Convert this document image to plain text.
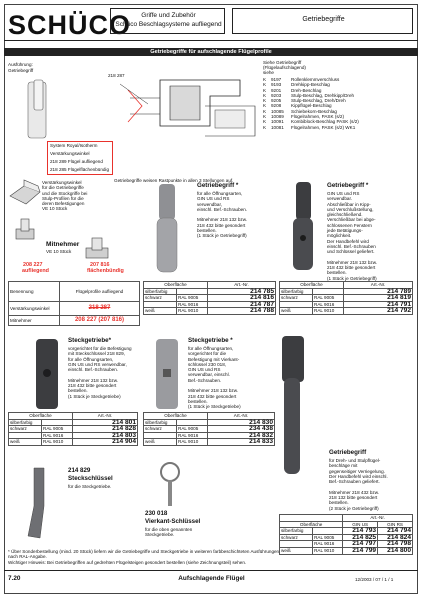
SCHÜCO	Griffe und Zubehör
Schüco Beschlagsysteme aufliegend
Getriebegriffe
Getriebegriffe für aufschlagende Flügelprofile
Ausführung:
Getriebegriff
218 287
Siehe Getriebegriff
(Flügelaufschlagend)
siehe
K 9197 Rollenklemmverschluss
K 9193 Drehkipp-Beschlag
K 9201 Dreh-Beschlag
K 9203 Stulp-Beschlag, Drehkipp/Dreh
K 9205 Stulp-Beschlag, Dreh/Dreh
K 9208 Kippflügel-Beschlag
K 10085 Schiebekorn-Beschlag
K 10089 Flügelrahmen, PASK (s/2)
K 10091 Kombiblock-Beschlag PASK (s/2)
K 10081 Flügelrahmen, PASK (s/2) WK1
System Royal/Isotherm
Verstärkungswinkel
218 289 Flügel aufliegend
218 285 Flügelflächenbündig
Getriebegriffe weisen Rastpunkte in allen 3 Stellungen auf.
Verstärkungswinkel
für die Getriebegriffe
und die Stockgriffe bei
Stulp-Profilen für die
deren Befestigungen
VE 10 Stück
Mitnehmer
VE 10 Stück
208 227
aufliegend
207 816
flächenbündig
Benennung	Flügelprofile aufliegend
Verstärkungswinkel	218 287
Mitnehmer	208 227 (207 816)
Getriebegriff *
für alle Öffnungsarten,
GIN US und RS
verwendbar,
einschl. Bef.-Schrauben.
Mitnehmer 218 132 bzw.
218 432 bitte gesondert
bestellen.
(1 Stück je Getriebegriff)
Getriebegriff *
GIN US und RS
verwendbar.
Abschließbar in Kipp-
und Verschlußstellung,
gleichschließend.
Verschließbar bei abge-
schlossenen Fenstern
jede Betätigungs-
möglichkeit.
Der Handbefehl wird
einschl. Bef.-Schrauben
und Schlüssel geliefert.
Mitnehmer 218 132 bzw.
218 432 bitte gesondert
bestellen.
(1 Stück je Getriebegriff)
Oberfläche		Art.-Nr.
silberfarbig		214 785
schwarz	RAL 9005	214 816
	RAL 9016	214 787
weiß	RAL 9010	214 788
Oberfläche		Art.-Nr.
silberfarbig		214 789
schwarz	RAL 9005	214 819
	RAL 9016	214 791
weiß	RAL 9010	214 792
Steckgetriebe*
vorgerichtet für die Befestigung
mit Steckschlüssel 218 829,
für alle Öffnungsarten,
GIN US und RS verwendbar,
einschl. Bef.-Schrauben.
Mitnehmer 218 132 bzw.
218 432 bitte gesondert
bestellen.
(1 Stück je Steckgetriebe)
Steckgetriebe *
für alle Öffnungsarten,
vorgerichtet für die
Befestigung mit Vierkant-
schlüssel 230 018,
GIN US und RS
verwendbar, einschl.
Bef.-Schrauben.
Mitnehmer 218 132 bzw.
218 432 bitte gesondert
bestellen.
(1 Stück je Steckgetriebe)
Oberfläche		Art.-Nr.
silberfarbig		214 801
schwarz	RAL 9005	214 828
	RAL 9016	214 803
weiß	RAL 9010	214 904
Oberfläche		Art.-Nr.
silberfarbig		214 830
schwarz	RAL 9005	234 438
	RAL 9016	214 832
weiß	RAL 9010	214 833
214 829
Steckschlüssel
für die Steckgetriebe.
230 018
Vierkant-Schlüssel
für die oben genannten
Steckgetriebe.
Getriebegriff
für Dreh- und Stulpflügel-
beschläge mit
gegenseitiger Verriegelung.
Der Handbefehl wird einschl.
Bef.-Schrauben geliefert.
Mitnehmer 218 432 bzw.
218 132 bitte gesondert
bestellen.
(2 Stück je Getriebegriff)
		Art.-Nr.	
Oberfläche		GIN US	GIN RS
silberfarbig		214 793	214 794
schwarz	RAL 9005	214 825	214 824
	RAL 9016	214 797	214 798
weiß	RAL 9010	214 799	214 800
* Über Sonderbestellung (mind. 20 Stück) liefern wir die Getriebegriffe und Steckgetriebe in weiteren farbbeschichteten Ausführungen
nach RAL-Angabe.
Wichtiger Hinweis: Bei Getriebegriffen auf gedrehten Flügelsteigen gesondert bestellen (siehe Zeichnungsteil) sehen.
7.20	Aufschlagende Flügel	12/2003 / 07 / 1 / 1
